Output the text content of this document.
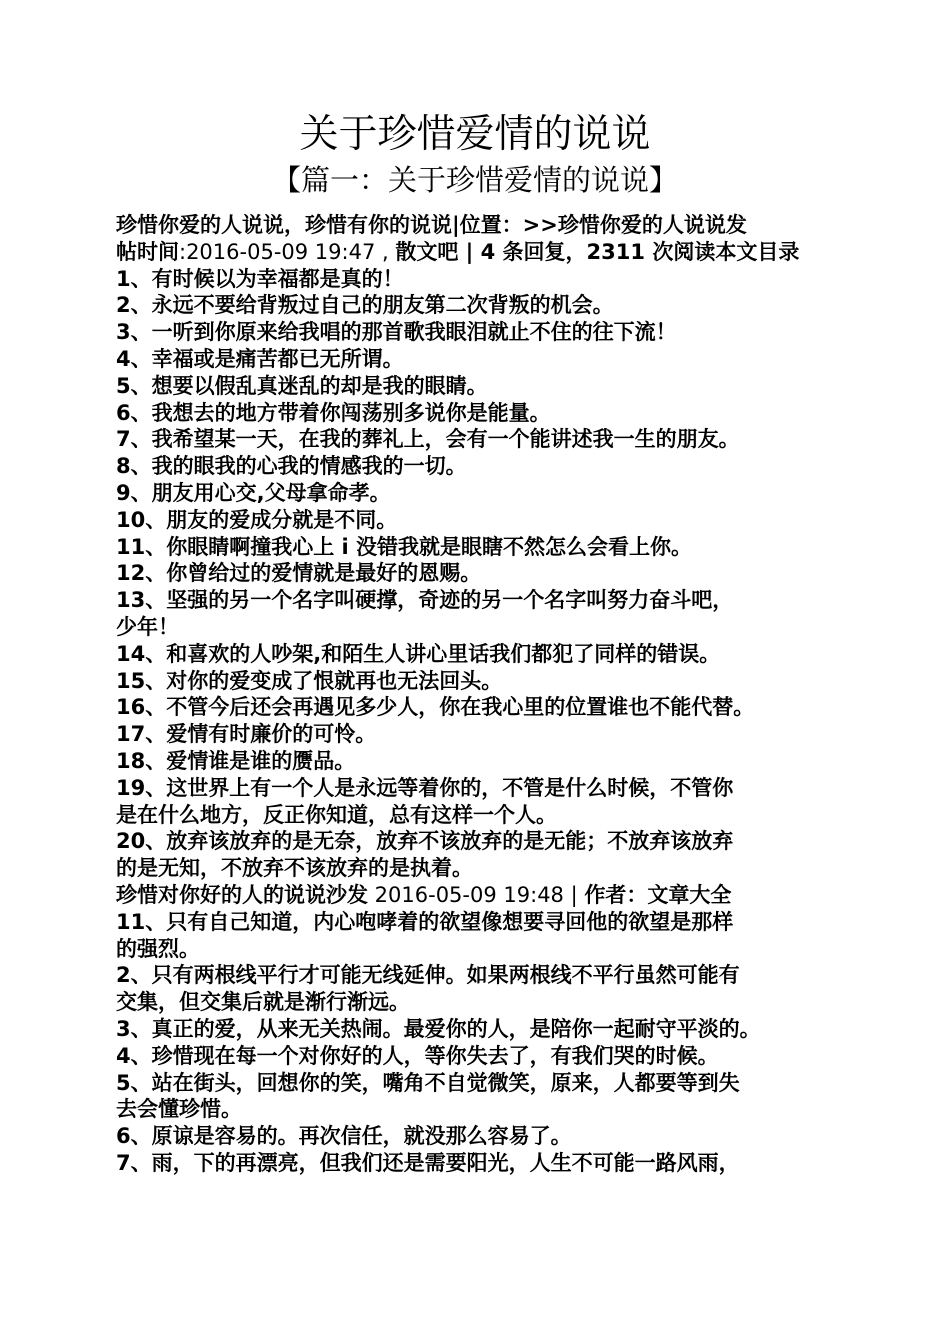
关于珍惜爱情的说说
【篇一：关于珍惜爱情的说说】
珍惜你爱的人说说，珍惜有你的说说|位置：>>珍惜你爱的人说说发
帖时间:2016-05-09 19:47 , 散文吧 | 4 条回复，2311 次阅读本文目录
1、有时候以为幸福都是真的！
2、永远不要给背叛过自己的朋友第二次背叛的机会。
3、一听到你原来给我唱的那首歌我眼泪就止不住的往下流！
4、幸福或是痛苦都已无所谓。
5、想要以假乱真迷乱的却是我的眼睛。
6、我想去的地方带着你闯荡别多说你是能量。
7、我希望某一天，在我的葬礼上，会有一个能讲述我一生的朋友。
8、我的眼我的心我的情感我的一切。
9、朋友用心交,父母拿命孝。
10、朋友的爱成分就是不同。
11、你眼睛啊撞我心上 i 没错我就是眼瞎不然怎么会看上你。
12、你曾给过的爱情就是最好的恩赐。
13、坚强的另一个名字叫硬撑，奇迹的另一个名字叫努力奋斗吧，
少年！
14、和喜欢的人吵架,和陌生人讲心里话我们都犯了同样的错误。
15、对你的爱变成了恨就再也无法回头。
16、不管今后还会再遇见多少人，你在我心里的位置谁也不能代替。
17、爱情有时廉价的可怜。
18、爱情谁是谁的赝品。
19、这世界上有一个人是永远等着你的，不管是什么时候，不管你
是在什么地方，反正你知道，总有这样一个人。
20、放弃该放弃的是无奈，放弃不该放弃的是无能；不放弃该放弃
的是无知，不放弃不该放弃的是执着。
珍惜对你好的人的说说沙发 2016-05-09 19:48 | 作者：文章大全
11、只有自己知道，内心咆哮着的欲望像想要寻回他的欲望是那样
的强烈。
2、只有两根线平行才可能无线延伸。如果两根线不平行虽然可能有
交集，但交集后就是渐行渐远。
3、真正的爱，从来无关热闹。最爱你的人，是陪你一起耐守平淡的。
4、珍惜现在每一个对你好的人，等你失去了，有我们哭的时候。
5、站在街头，回想你的笑，嘴角不自觉微笑，原来，人都要等到失
去会懂珍惜。
6、原谅是容易的。再次信任，就没那么容易了。
7、雨，下的再漂亮，但我们还是需要阳光，人生不可能一路风雨，
